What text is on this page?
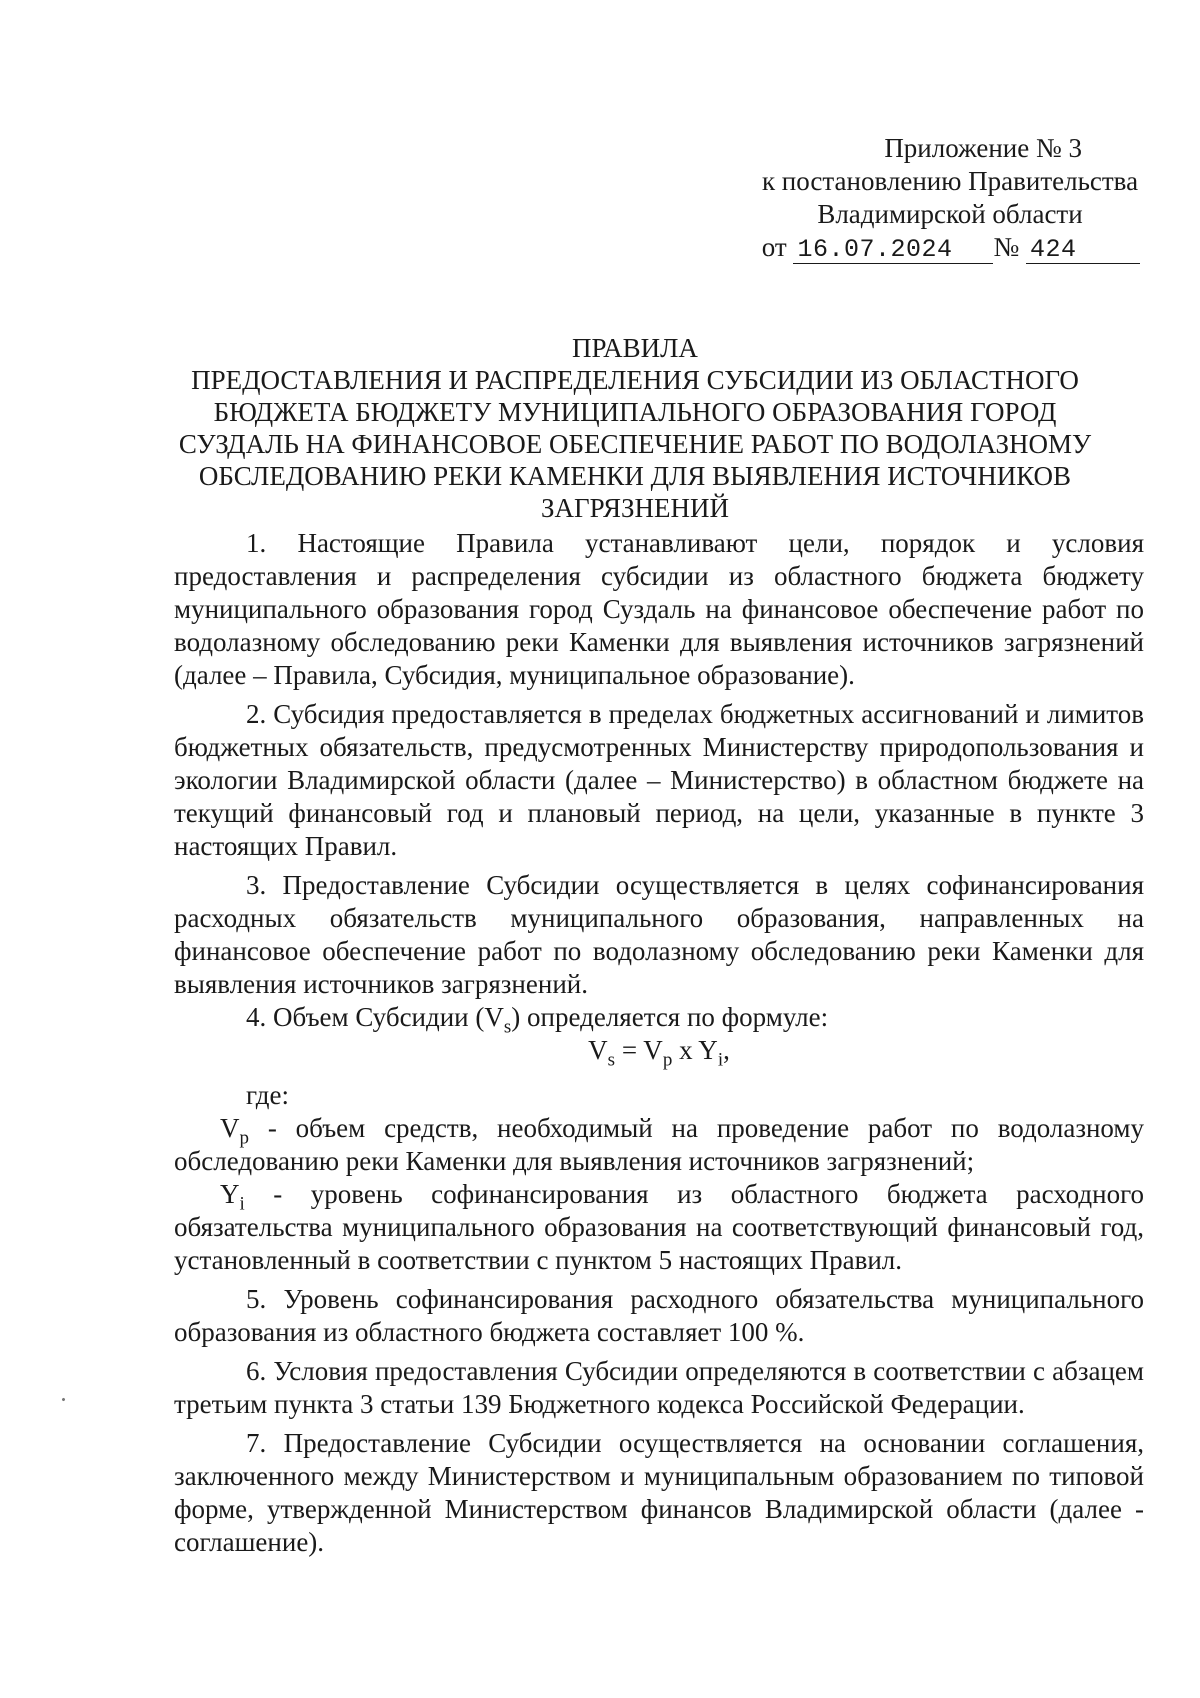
Приложение № 3
к постановлению Правительства
Владимирской области
от 16.07.2024 № 424
ПРАВИЛА
ПРЕДОСТАВЛЕНИЯ И РАСПРЕДЕЛЕНИЯ СУБСИДИИ ИЗ ОБЛАСТНОГО
БЮДЖЕТА БЮДЖЕТУ МУНИЦИПАЛЬНОГО ОБРАЗОВАНИЯ ГОРОД
СУЗДАЛЬ НА ФИНАНСОВОЕ ОБЕСПЕЧЕНИЕ РАБОТ ПО ВОДОЛАЗНОМУ
ОБСЛЕДОВАНИЮ РЕКИ КАМЕНКИ ДЛЯ ВЫЯВЛЕНИЯ ИСТОЧНИКОВ
ЗАГРЯЗНЕНИЙ

1. Настоящие Правила устанавливают цели, порядок и условия предоставления и распределения субсидии из областного бюджета бюджету муниципального образования город Суздаль на финансовое обеспечение работ по водолазному обследованию реки Каменки для выявления источников загрязнений (далее – Правила, Субсидия, муниципальное образование).

2. Субсидия предоставляется в пределах бюджетных ассигнований и лимитов бюджетных обязательств, предусмотренных Министерству природопользования и экологии Владимирской области (далее – Министерство) в областном бюджете на текущий финансовый год и плановый период, на цели, указанные в пункте 3 настоящих Правил.

3. Предоставление Субсидии осуществляется в целях софинансирования расходных обязательств муниципального образования, направленных на финансовое обеспечение работ по водолазному обследованию реки Каменки для выявления источников загрязнений.

4. Объем Субсидии $(V_s)$ определяется по формуле:

$V_s = V_p$ x $Y_i$,

где:

$V_p$ - объем средств, необходимый на проведение работ по водолазному обследованию реки Каменки для выявления источников загрязнений;

$Y_i$ - уровень софинансирования из областного бюджета расходного обязательства муниципального образования на соответствующий финансовый год, установленный в соответствии с пунктом 5 настоящих Правил.

5. Уровень софинансирования расходного обязательства муниципального образования из областного бюджета составляет 100 %.

6. Условия предоставления Субсидии определяются в соответствии с абзацем третьим пункта 3 статьи 139 Бюджетного кодекса Российской Федерации.

7. Предоставление Субсидии осуществляется на основании соглашения, заключенного между Министерством и муниципальным образованием по типовой форме, утвержденной Министерством финансов Владимирской области (далее - соглашение).
